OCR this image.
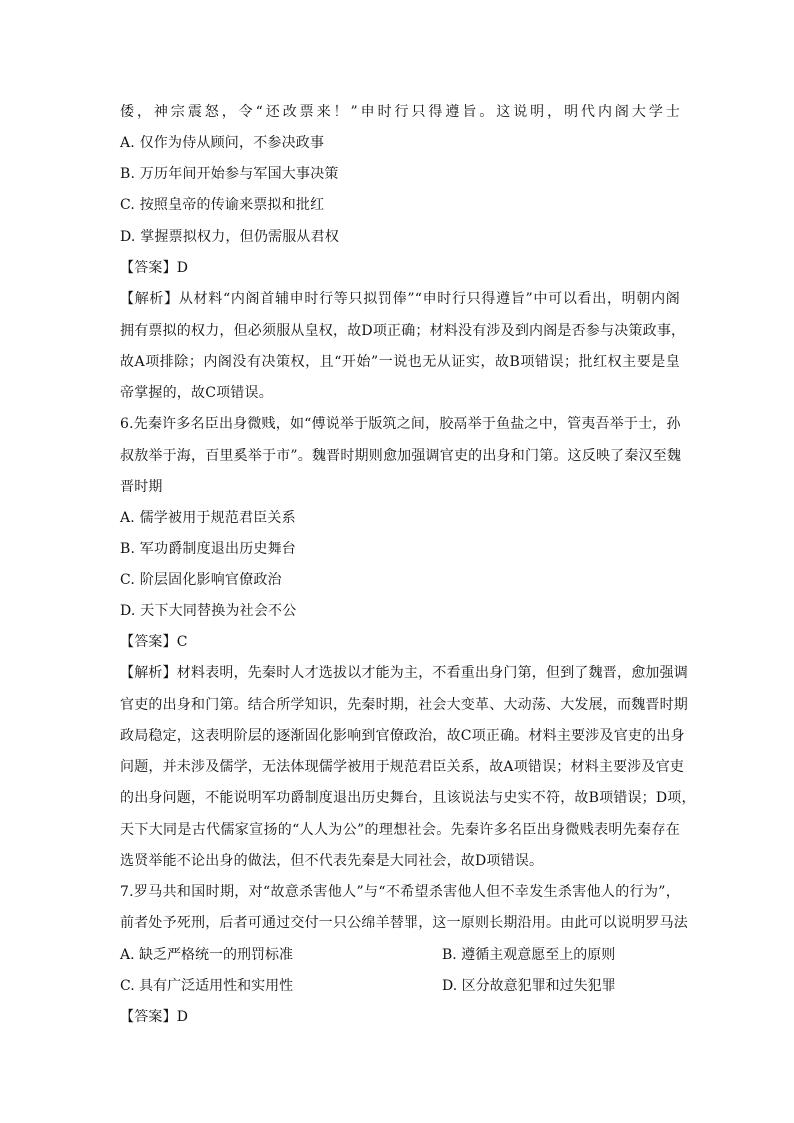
倭，神宗震怒，令“还改票来！”申时行只得遵旨。这说明，明代内阁大学士
A. 仅作为侍从顾问，不参决政事
B. 万历年间开始参与军国大事决策
C. 按照皇帝的传谕来票拟和批红
D. 掌握票拟权力，但仍需服从君权
【答案】D
【解析】从材料“内阁首辅申时行等只拟罚俸”“申时行只得遵旨”中可以看出，明朝内阁
拥有票拟的权力，但必须服从皇权，故D项正确；材料没有涉及到内阁是否参与决策政事，
故A项排除；内阁没有决策权，且“开始”一说也无从证实，故B项错误；批红权主要是皇
帝掌握的，故C项错误。
6.先秦许多名臣出身微贱，如“傅说举于版筑之间，胶鬲举于鱼盐之中，管夷吾举于士，孙
叔敖举于海，百里奚举于市”。魏晋时期则愈加强调官吏的出身和门第。这反映了秦汉至魏
晋时期
A. 儒学被用于规范君臣关系
B. 军功爵制度退出历史舞台
C. 阶层固化影响官僚政治
D. 天下大同替换为社会不公
【答案】C
【解析】材料表明，先秦时人才选拔以才能为主，不看重出身门第，但到了魏晋，愈加强调
官吏的出身和门第。结合所学知识，先秦时期，社会大变革、大动荡、大发展，而魏晋时期
政局稳定，这表明阶层的逐渐固化影响到官僚政治，故C项正确。材料主要涉及官吏的出身
问题，并未涉及儒学，无法体现儒学被用于规范君臣关系，故A项错误；材料主要涉及官吏
的出身问题，不能说明军功爵制度退出历史舞台，且该说法与史实不符，故B项错误；D项，
天下大同是古代儒家宣扬的“人人为公”的理想社会。先秦许多名臣出身微贱表明先秦存在
选贤举能不论出身的做法，但不代表先秦是大同社会，故D项错误。
7.罗马共和国时期，对“故意杀害他人”与“不希望杀害他人但不幸发生杀害他人的行为”，
前者处予死刑，后者可通过交付一只公绵羊替罪，这一原则长期沿用。由此可以说明罗马法
A. 缺乏严格统一的刑罚标准	B. 遵循主观意愿至上的原则
C. 具有广泛适用性和实用性	D. 区分故意犯罪和过失犯罪
【答案】D
